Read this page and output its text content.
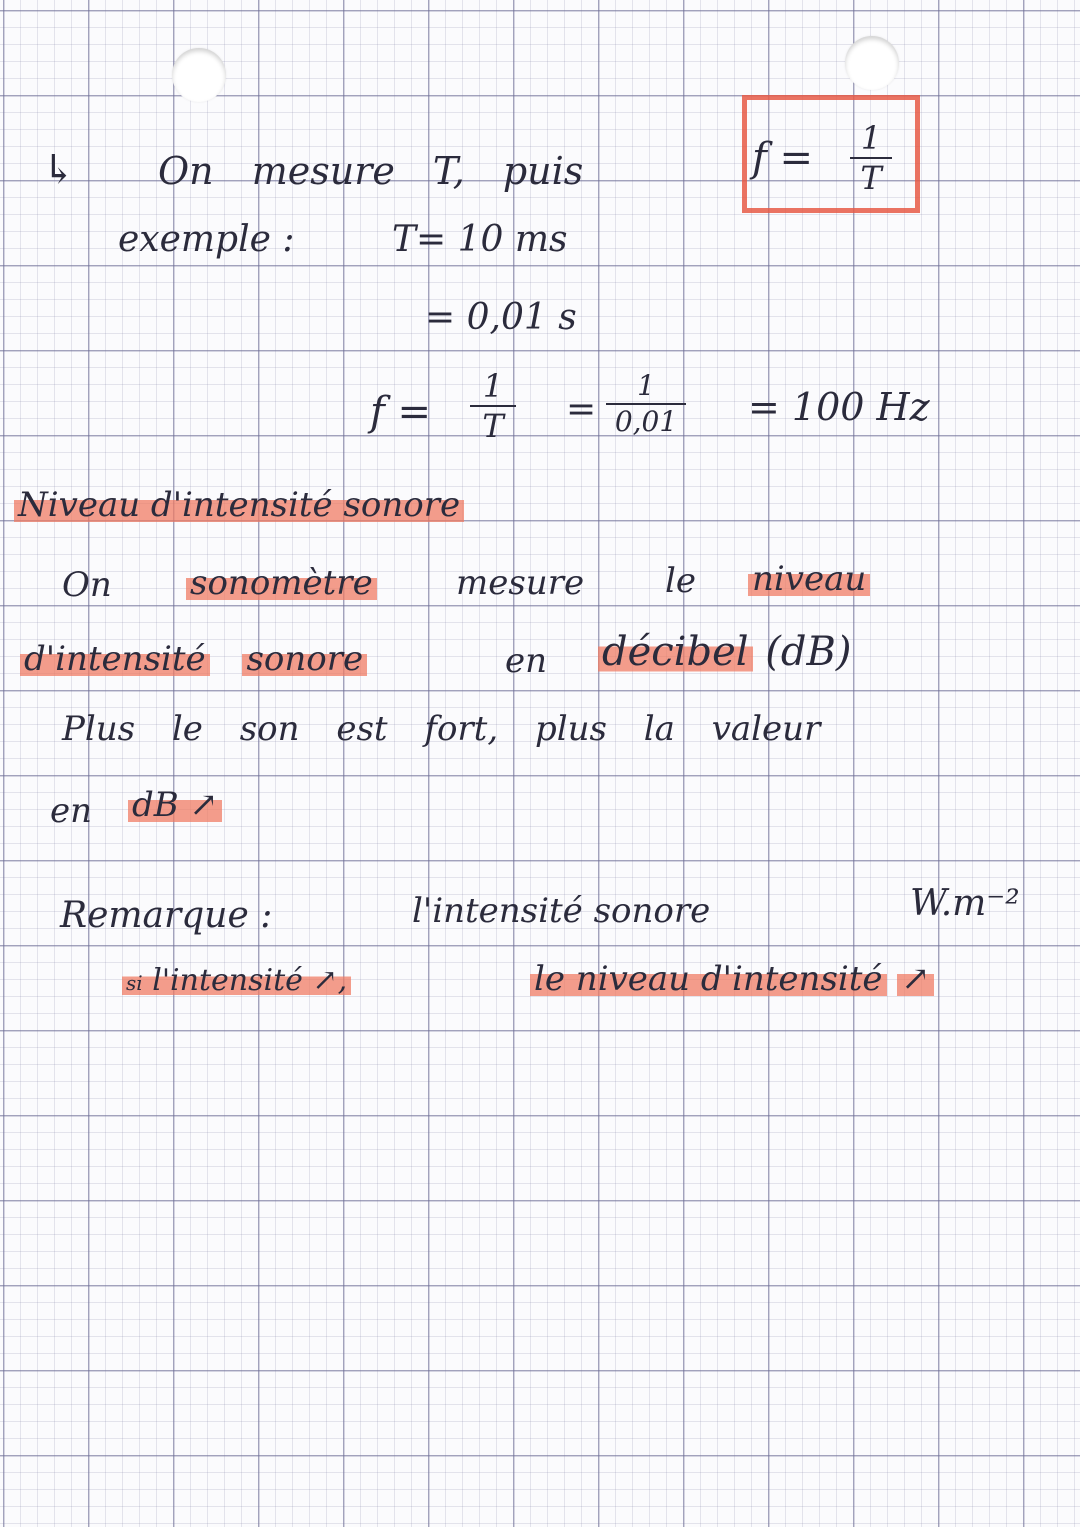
↳ On mesure T, puis	f = 1
T
exemple :	T= 10 ms
= 0,01 s
f =
1
T =
1
0,01 = 100 Hz
Niveau d'intensité sonore
On sonomètre mesure le niveau
d'intensité sonore	en décibel (dB)
Plus le son est fort, plus la valeur
en dB ↗
Remarque :	l'intensité sonore	W.m⁻²
si l'intensité ↗,	le niveau d'intensité ↗
